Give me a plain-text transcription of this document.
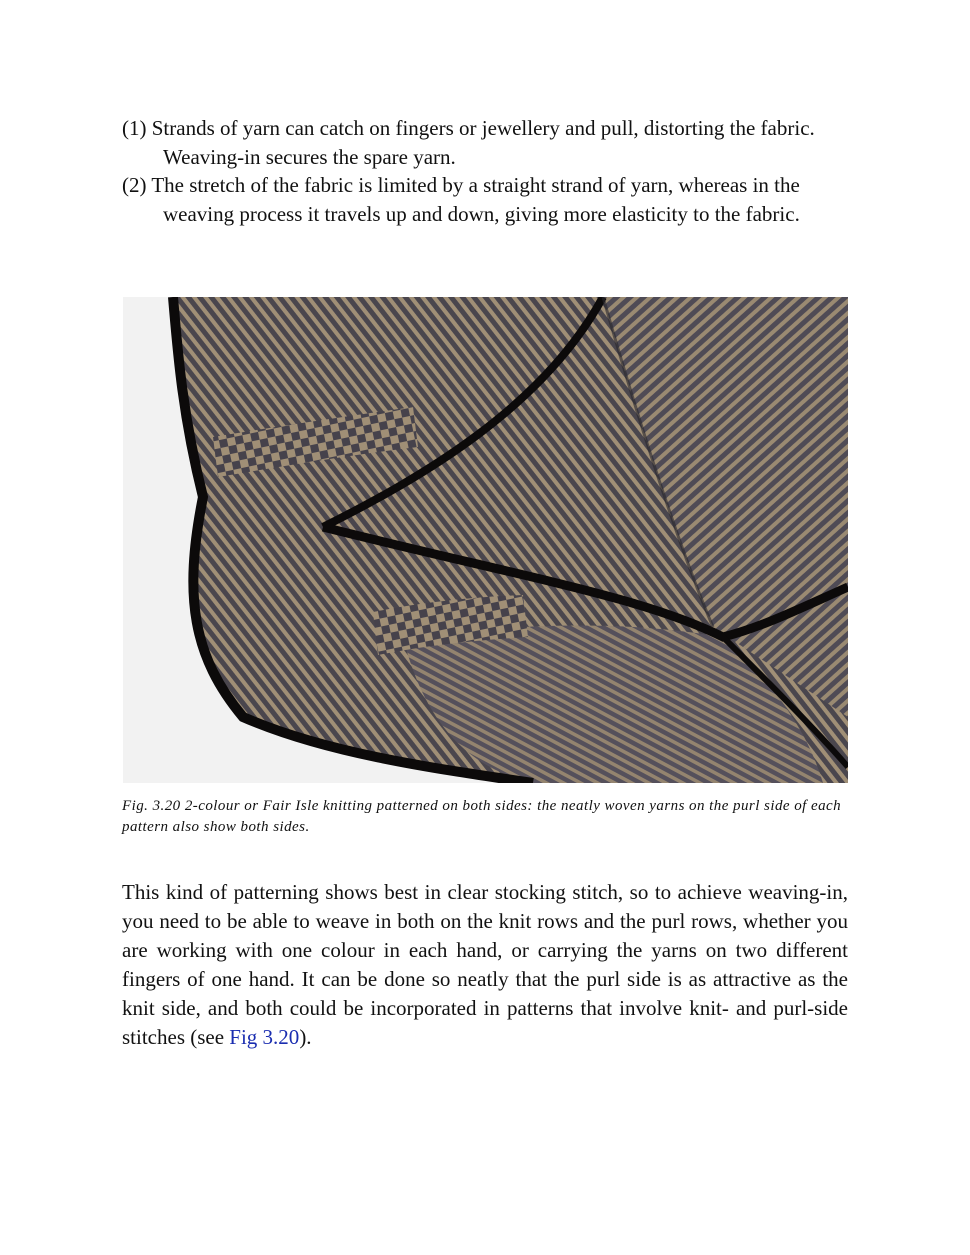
(1) Strands of yarn can catch on fingers or jewellery and pull, distorting the fabric. Weaving-in secures the spare yarn.

(2) The stretch of the fabric is limited by a straight strand of yarn, whereas in the weaving process it travels up and down, giving more elasticity to the fabric.

Fig. 3.20 2-colour or Fair Isle knitting patterned on both sides: the neatly woven yarns on the purl side of each pattern also show both sides.

This kind of patterning shows best in clear stocking stitch, so to achieve weaving-in, you need to be able to weave in both on the knit rows and the purl rows, whether you are working with one colour in each hand, or carrying the yarns on two different fingers of one hand. It can be done so neatly that the purl side is as attractive as the knit side, and both could be incorporated in patterns that involve knit- and purl-side stitches (see Fig 3.20).
